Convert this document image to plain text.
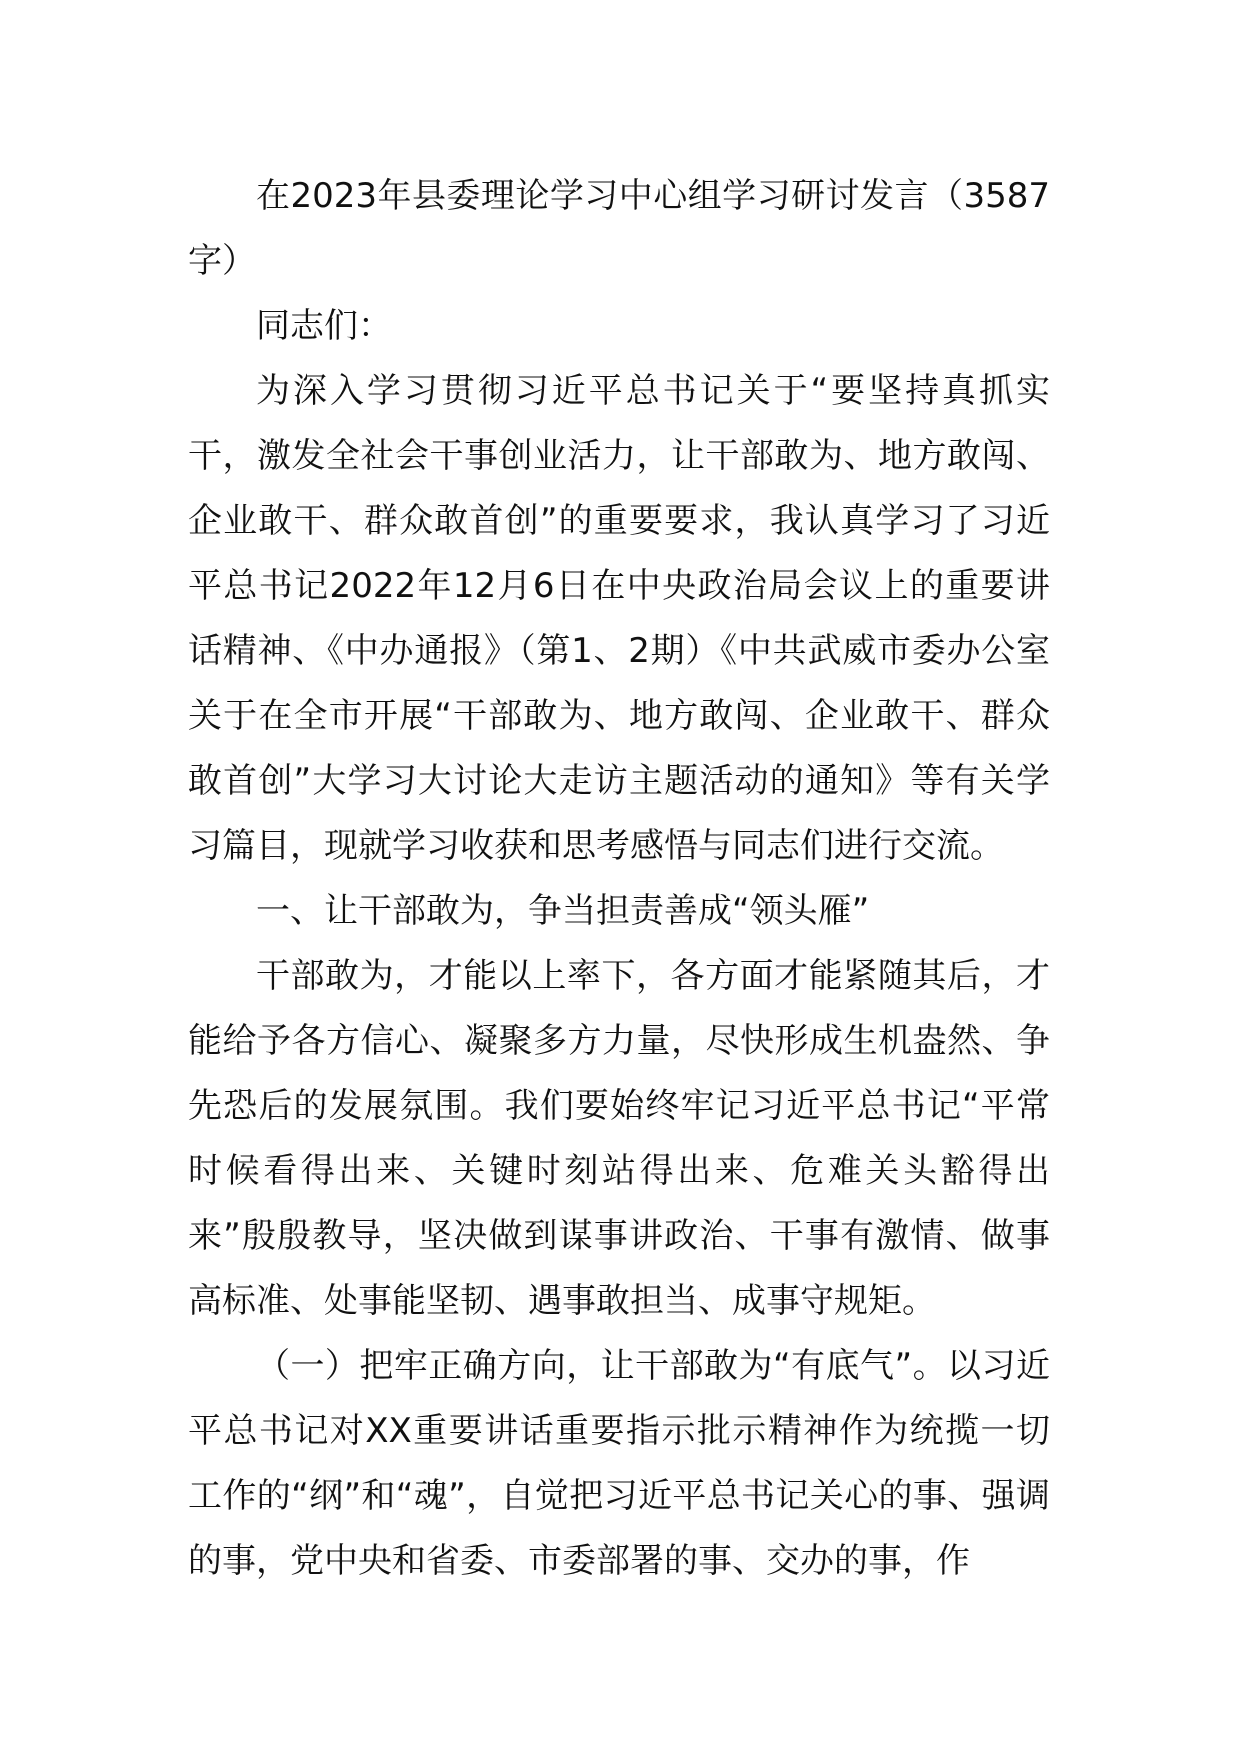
在2023年县委理论学习中心组学习研讨发言（3587字）

同志们：

为深入学习贯彻习近平总书记关于“要坚持真抓实干，激发全社会干事创业活力，让干部敢为、地方敢闯、企业敢干、群众敢首创”的重要要求，我认真学习了习近平总书记2022年12月6日在中央政治局会议上的重要讲话精神、《中办通报》（第1、2期）《中共武威市委办公室关于在全市开展“干部敢为、地方敢闯、企业敢干、群众敢首创”大学习大讨论大走访主题活动的通知》等有关学习篇目，现就学习收获和思考感悟与同志们进行交流。

一、让干部敢为，争当担责善成“领头雁”

干部敢为，才能以上率下，各方面才能紧随其后，才能给予各方信心、凝聚多方力量，尽快形成生机盎然、争先恐后的发展氛围。我们要始终牢记习近平总书记“平常时候看得出来、关键时刻站得出来、危难关头豁得出来”殷殷教导，坚决做到谋事讲政治、干事有激情、做事高标准、处事能坚韧、遇事敢担当、成事守规矩。

（一）把牢正确方向，让干部敢为“有底气”。以习近平总书记对XX重要讲话重要指示批示精神作为统揽一切工作的“纲”和“魂”，自觉把习近平总书记关心的事、强调的事，党中央和省委、市委部署的事、交办的事，作
